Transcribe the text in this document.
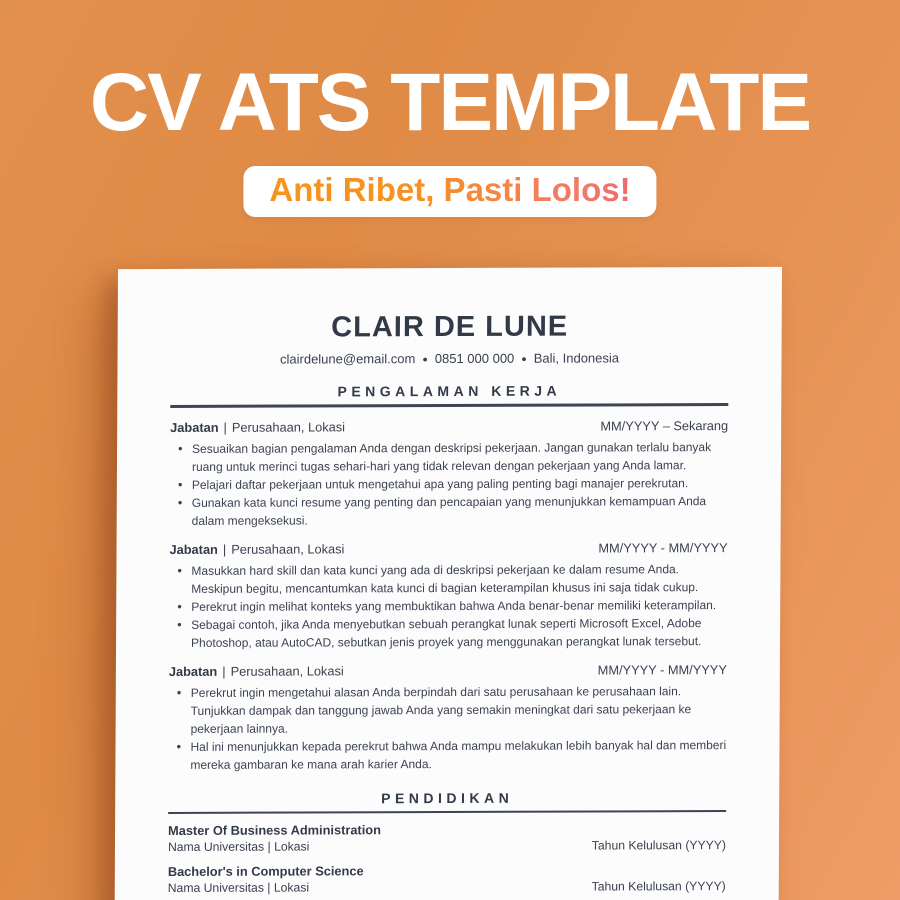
CV ATS TEMPLATE
Anti Ribet, Pasti Lolos!
CLAIR DE LUNE
clairdelune@email.com ● 0851 000 000 ● Bali, Indonesia
PENGALAMAN KERJA
Jabatan | Perusahaan, Lokasi	MM/YYYY – Sekarang
• Sesuaikan bagian pengalaman Anda dengan deskripsi pekerjaan. Jangan gunakan terlalu banyak ruang untuk merinci tugas sehari-hari yang tidak relevan dengan pekerjaan yang Anda lamar.
• Pelajari daftar pekerjaan untuk mengetahui apa yang paling penting bagi manajer perekrutan.
• Gunakan kata kunci resume yang penting dan pencapaian yang menunjukkan kemampuan Anda dalam mengeksekusi.
Jabatan | Perusahaan, Lokasi	MM/YYYY - MM/YYYY
• Masukkan hard skill dan kata kunci yang ada di deskripsi pekerjaan ke dalam resume Anda. Meskipun begitu, mencantumkan kata kunci di bagian keterampilan khusus ini saja tidak cukup.
• Perekrut ingin melihat konteks yang membuktikan bahwa Anda benar-benar memiliki keterampilan.
• Sebagai contoh, jika Anda menyebutkan sebuah perangkat lunak seperti Microsoft Excel, Adobe Photoshop, atau AutoCAD, sebutkan jenis proyek yang menggunakan perangkat lunak tersebut.
Jabatan | Perusahaan, Lokasi	MM/YYYY - MM/YYYY
• Perekrut ingin mengetahui alasan Anda berpindah dari satu perusahaan ke perusahaan lain. Tunjukkan dampak dan tanggung jawab Anda yang semakin meningkat dari satu pekerjaan ke pekerjaan lainnya.
• Hal ini menunjukkan kepada perekrut bahwa Anda mampu melakukan lebih banyak hal dan memberi mereka gambaran ke mana arah karier Anda.
PENDIDIKAN
Master Of Business Administration
Nama Universitas | Lokasi	Tahun Kelulusan (YYYY)
Bachelor's in Computer Science
Nama Universitas | Lokasi	Tahun Kelulusan (YYYY)
